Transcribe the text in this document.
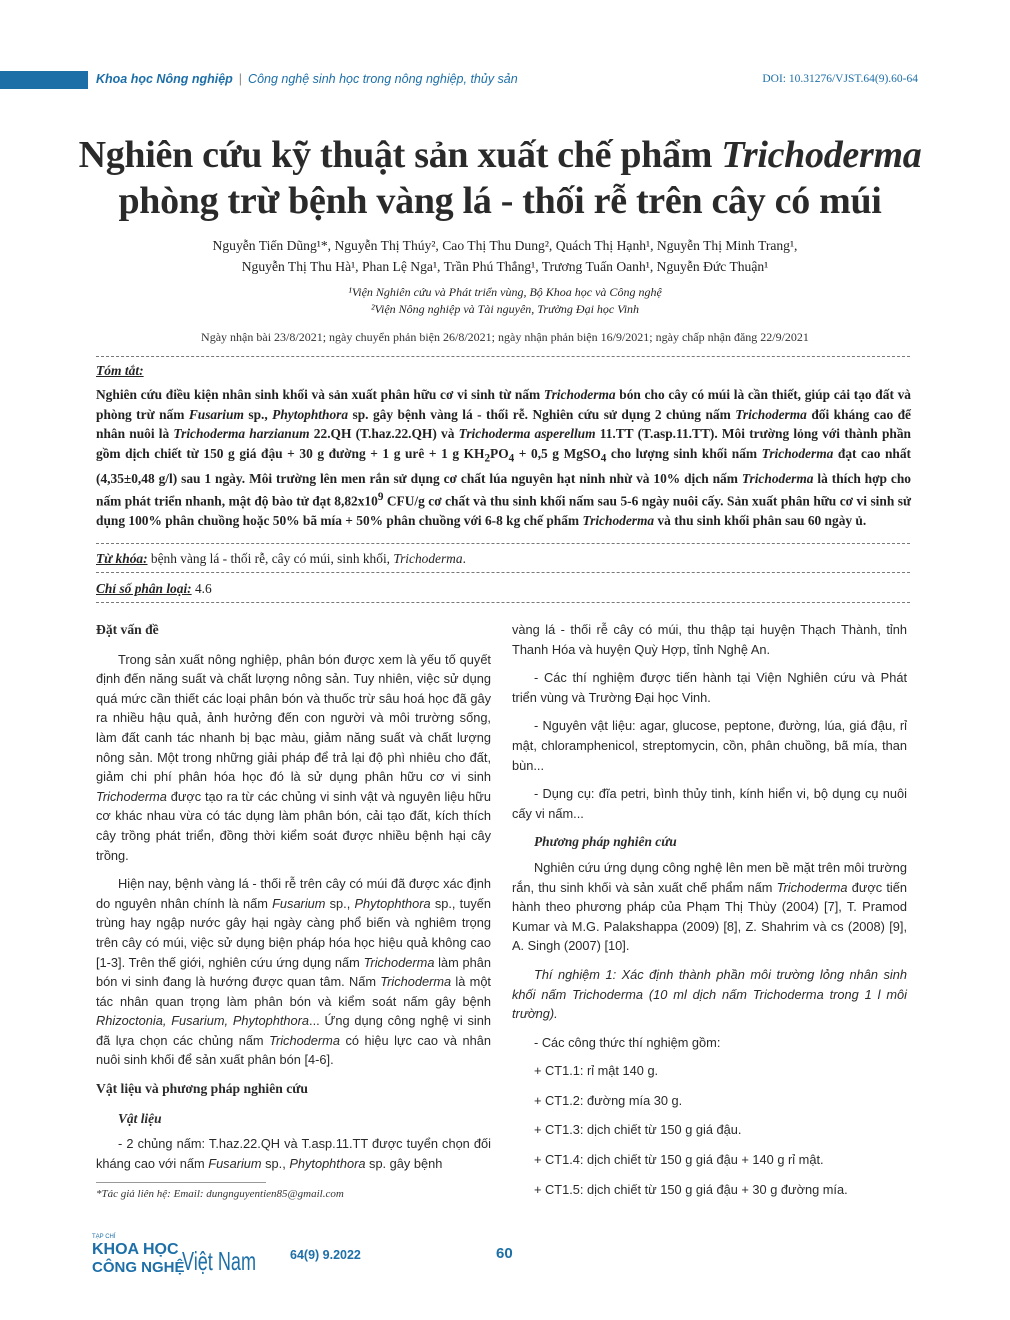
Khoa học Nông nghiệp | Công nghệ sinh học trong nông nghiệp, thủy sản	DOI: 10.31276/VJST.64(9).60-64
Nghiên cứu kỹ thuật sản xuất chế phẩm Trichoderma
phòng trừ bệnh vàng lá - thối rễ trên cây có múi
Nguyễn Tiến Dũng¹*, Nguyễn Thị Thúy², Cao Thị Thu Dung², Quách Thị Hạnh¹, Nguyễn Thị Minh Trang¹,
Nguyễn Thị Thu Hà¹, Phan Lệ Nga¹, Trần Phú Thắng¹, Trương Tuấn Oanh¹, Nguyễn Đức Thuận¹
¹Viện Nghiên cứu và Phát triển vùng, Bộ Khoa học và Công nghệ
²Viện Nông nghiệp và Tài nguyên, Trường Đại học Vinh
Ngày nhận bài 23/8/2021; ngày chuyển phản biện 26/8/2021; ngày nhận phản biện 16/9/2021; ngày chấp nhận đăng 22/9/2021
Tóm tắt:
Nghiên cứu điều kiện nhân sinh khối và sản xuất phân hữu cơ vi sinh từ nấm Trichoderma bón cho cây có múi là cần thiết, giúp cải tạo đất và phòng trừ nấm Fusarium sp., Phytophthora sp. gây bệnh vàng lá - thối rễ. Nghiên cứu sử dụng 2 chủng nấm Trichoderma đối kháng cao để nhân nuôi là Trichoderma harzianum 22.QH (T.haz.22.QH) và Trichoderma asperellum 11.TT (T.asp.11.TT). Môi trường lỏng với thành phần gồm dịch chiết từ 150 g giá đậu + 30 g đường + 1 g urê + 1 g $KH_2PO_4 + 0,5$ g MgSO$_4$ cho lượng sinh khối nấm Trichoderma đạt cao nhất (4,35±0,48 g/l) sau 1 ngày. Môi trường lên men rắn sử dụng cơ chất lúa nguyên hạt ninh nhừ và 10% dịch nấm Trichoderma là thích hợp cho nấm phát triển nhanh, mật độ bào tử đạt $8,82x10^9$ CFU/g cơ chất và thu sinh khối nấm sau 5-6 ngày nuôi cấy. Sản xuất phân hữu cơ vi sinh sử dụng 100% phân chuồng hoặc 50% bã mía + 50% phân chuồng với 6-8 kg chế phẩm Trichoderma và thu sinh khối phân sau 60 ngày ủ.
Từ khóa: bệnh vàng lá - thối rễ, cây có múi, sinh khối, Trichoderma.
Chỉ số phân loại: 4.6
Đặt vấn đề

Trong sản xuất nông nghiệp, phân bón được xem là yếu tố quyết định đến năng suất và chất lượng nông sản. Tuy nhiên, việc sử dụng quá mức cần thiết các loại phân bón và thuốc trừ sâu hoá học đã gây ra nhiều hậu quả, ảnh hưởng đến con người và môi trường sống, làm đất canh tác nhanh bị bạc màu, giảm năng suất và chất lượng nông sản. Một trong những giải pháp để trả lại độ phì nhiêu cho đất, giảm chi phí phân hóa học đó là sử dụng phân hữu cơ vi sinh Trichoderma được tạo ra từ các chủng vi sinh vật và nguyên liệu hữu cơ khác nhau vừa có tác dụng làm phân bón, cải tạo đất, kích thích cây trồng phát triển, đồng thời kiểm soát được nhiều bệnh hại cây trồng.

Hiện nay, bệnh vàng lá - thối rễ trên cây có múi đã được xác định do nguyên nhân chính là nấm Fusarium sp., Phytophthora sp., tuyến trùng hay ngập nước gây hại ngày càng phổ biến và nghiêm trọng trên cây có múi, việc sử dụng biện pháp hóa học hiệu quả không cao [1-3]. Trên thế giới, nghiên cứu ứng dụng nấm Trichoderma làm phân bón vi sinh đang là hướng được quan tâm. Nấm Trichoderma là một tác nhân quan trọng làm phân bón và kiểm soát nấm gây bệnh Rhizoctonia, Fusarium, Phytophthora... Ứng dụng công nghệ vi sinh đã lựa chọn các chủng nấm Trichoderma có hiệu lực cao và nhân nuôi sinh khối để sản xuất phân bón [4-6].

Vật liệu và phương pháp nghiên cứu
Vật liệu

- 2 chủng nấm: T.haz.22.QH và T.asp.11.TT được tuyển chọn đối kháng cao với nấm Fusarium sp., Phytophthora sp. gây bệnh

vàng lá - thối rễ cây có múi, thu thập tại huyện Thạch Thành, tỉnh Thanh Hóa và huyện Quỳ Hợp, tỉnh Nghệ An.

- Các thí nghiệm được tiến hành tại Viện Nghiên cứu và Phát triển vùng và Trường Đại học Vinh.

- Nguyên vật liệu: agar, glucose, peptone, đường, lúa, giá đậu, rỉ mật, chloramphenicol, streptomycin, cồn, phân chuồng, bã mía, than bùn...

- Dụng cụ: đĩa petri, bình thủy tinh, kính hiển vi, bộ dụng cụ nuôi cấy vi nấm...

Phương pháp nghiên cứu

Nghiên cứu ứng dụng công nghệ lên men bề mặt trên môi trường rắn, thu sinh khối và sản xuất chế phẩm nấm Trichoderma được tiến hành theo phương pháp của Phạm Thị Thùy (2004) [7], T. Pramod Kumar và M.G. Palakshappa (2009) [8], Z. Shahrim và cs (2008) [9], A. Singh (2007) [10].

Thí nghiệm 1: Xác định thành phần môi trường lỏng nhân sinh khối nấm Trichoderma (10 ml dịch nấm Trichoderma trong 1 l môi trường).

- Các công thức thí nghiệm gồm:

+ CT1.1: rỉ mật 140 g.
+ CT1.2: đường mía 30 g.
+ CT1.3: dịch chiết từ 150 g giá đậu.
+ CT1.4: dịch chiết từ 150 g giá đậu + 140 g rỉ mật.
+ CT1.5: dịch chiết từ 150 g giá đậu + 30 g đường mía.
*Tác giả liên hệ: Email: dungnguyentien85@gmail.com
TẠP CHÍ
KHOA HỌC
CÔNG NGHỆ
Việt Nam	64(9) 9.2022	60
